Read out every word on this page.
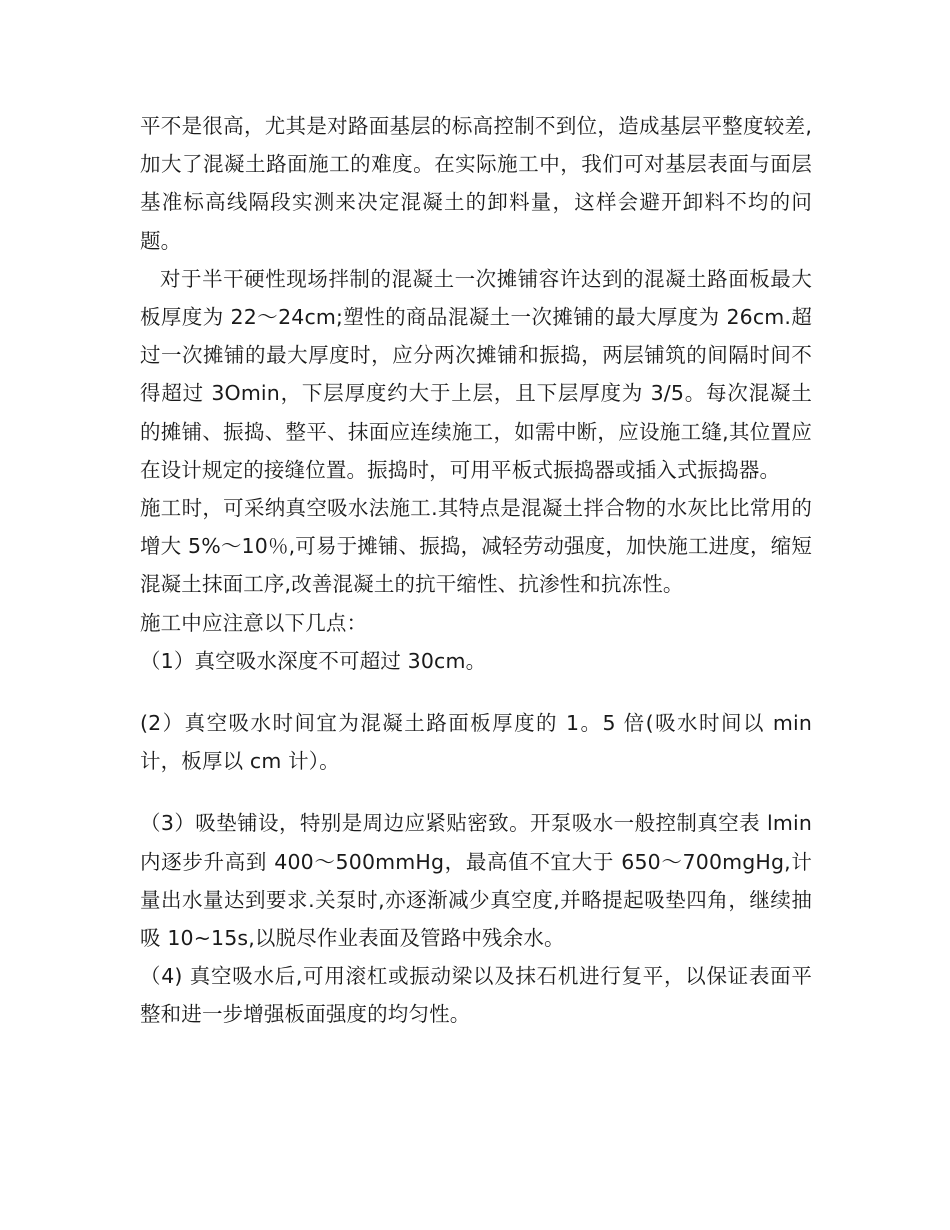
平不是很高，尤其是对路面基层的标高控制不到位，造成基层平整度较差,加大了混凝土路面施工的难度。在实际施工中，我们可对基层表面与面层基准标高线隔段实测来决定混凝土的卸料量，这样会避开卸料不均的问题。

对于半干硬性现场拌制的混凝土一次摊铺容许达到的混凝土路面板最大板厚度为 22～24cm;塑性的商品混凝土一次摊铺的最大厚度为 26cm.超过一次摊铺的最大厚度时，应分两次摊铺和振捣，两层铺筑的间隔时间不得超过 3Omin，下层厚度约大于上层，且下层厚度为 3/5。每次混凝土的摊铺、振捣、整平、抹面应连续施工，如需中断，应设施工缝,其位置应在设计规定的接缝位置。振捣时，可用平板式振捣器或插入式振捣器。

施工时，可采纳真空吸水法施工.其特点是混凝土拌合物的水灰比比常用的增大 5%～10％,可易于摊铺、振捣，减轻劳动强度，加快施工进度，缩短混凝土抹面工序,改善混凝土的抗干缩性、抗渗性和抗冻性。

施工中应注意以下几点：

（1）真空吸水深度不可超过 30cm。

(2）真空吸水时间宜为混凝土路面板厚度的 1。5 倍(吸水时间以 min 计，板厚以 cm 计）。

（3）吸垫铺设，特别是周边应紧贴密致。开泵吸水一般控制真空表 lmin 内逐步升高到 400～500mmHg，最高值不宜大于 650～700mgHg,计量出水量达到要求.关泵时,亦逐渐减少真空度,并略提起吸垫四角，继续抽吸 10~15s,以脱尽作业表面及管路中残余水。

（4) 真空吸水后,可用滚杠或振动梁以及抹石机进行复平，以保证表面平整和进一步增强板面强度的均匀性。
